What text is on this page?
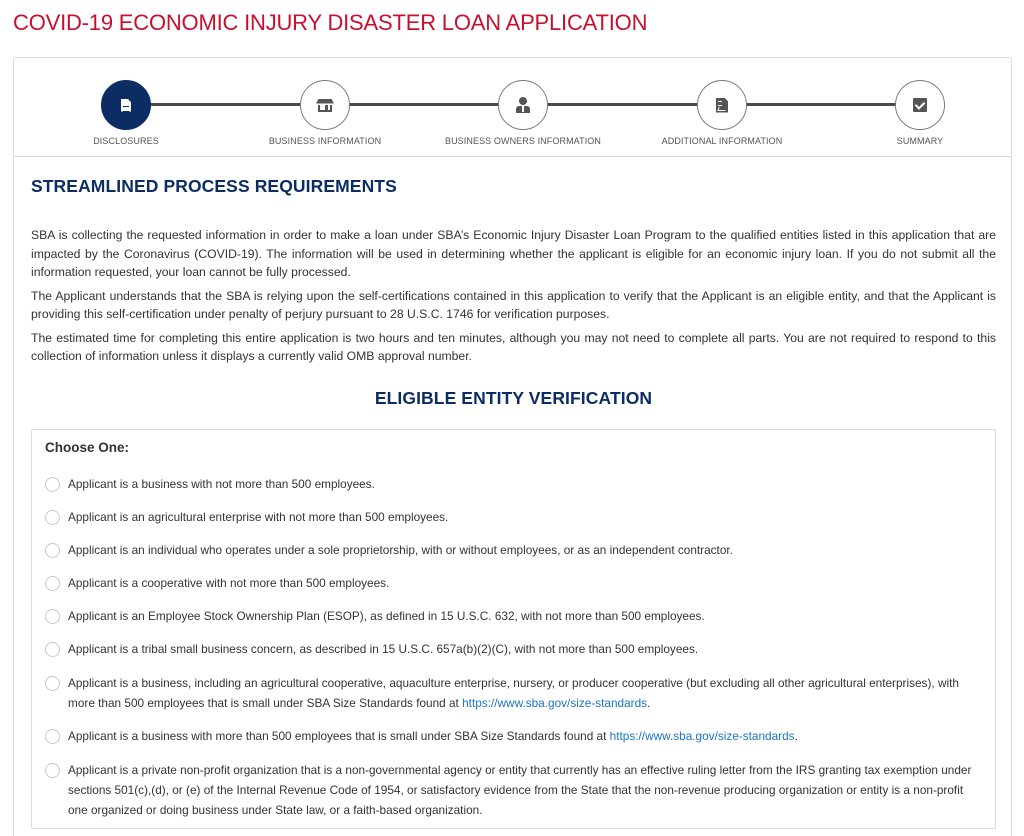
COVID-19 ECONOMIC INJURY DISASTER LOAN APPLICATION
DISCLOSURES	BUSINESS INFORMATION	BUSINESS OWNERS INFORMATION	ADDITIONAL INFORMATION	SUMMARY
STREAMLINED PROCESS REQUIREMENTS

SBA is collecting the requested information in order to make a loan under SBA’s Economic Injury Disaster Loan Program to the qualified entities listed in this application that are impacted by the Coronavirus (COVID-19). The information will be used in determining whether the applicant is eligible for an economic injury loan. If you do not submit all the information requested, your loan cannot be fully processed.

The Applicant understands that the SBA is relying upon the self-certifications contained in this application to verify that the Applicant is an eligible entity, and that the Applicant is providing this self-certification under penalty of perjury pursuant to 28 U.S.C. 1746 for verification purposes.

The estimated time for completing this entire application is two hours and ten minutes, although you may not need to complete all parts. You are not required to respond to this collection of information unless it displays a currently valid OMB approval number.

ELIGIBLE ENTITY VERIFICATION
Choose One:
Applicant is a business with not more than 500 employees.
Applicant is an agricultural enterprise with not more than 500 employees.
Applicant is an individual who operates under a sole proprietorship, with or without employees, or as an independent contractor.
Applicant is a cooperative with not more than 500 employees.
Applicant is an Employee Stock Ownership Plan (ESOP), as defined in 15 U.S.C. 632, with not more than 500 employees.
Applicant is a tribal small business concern, as described in 15 U.S.C. 657a(b)(2)(C), with not more than 500 employees.
Applicant is a business, including an agricultural cooperative, aquaculture enterprise, nursery, or producer cooperative (but excluding all other agricultural enterprises), with more than 500 employees that is small under SBA Size Standards found at https://www.sba.gov/size-standards.
Applicant is a business with more than 500 employees that is small under SBA Size Standards found at https://www.sba.gov/size-standards.
Applicant is a private non-profit organization that is a non-governmental agency or entity that currently has an effective ruling letter from the IRS granting tax exemption under sections 501(c),(d), or (e) of the Internal Revenue Code of 1954, or satisfactory evidence from the State that the non-revenue producing organization or entity is a non-profit one organized or doing business under State law, or a faith-based organization.
